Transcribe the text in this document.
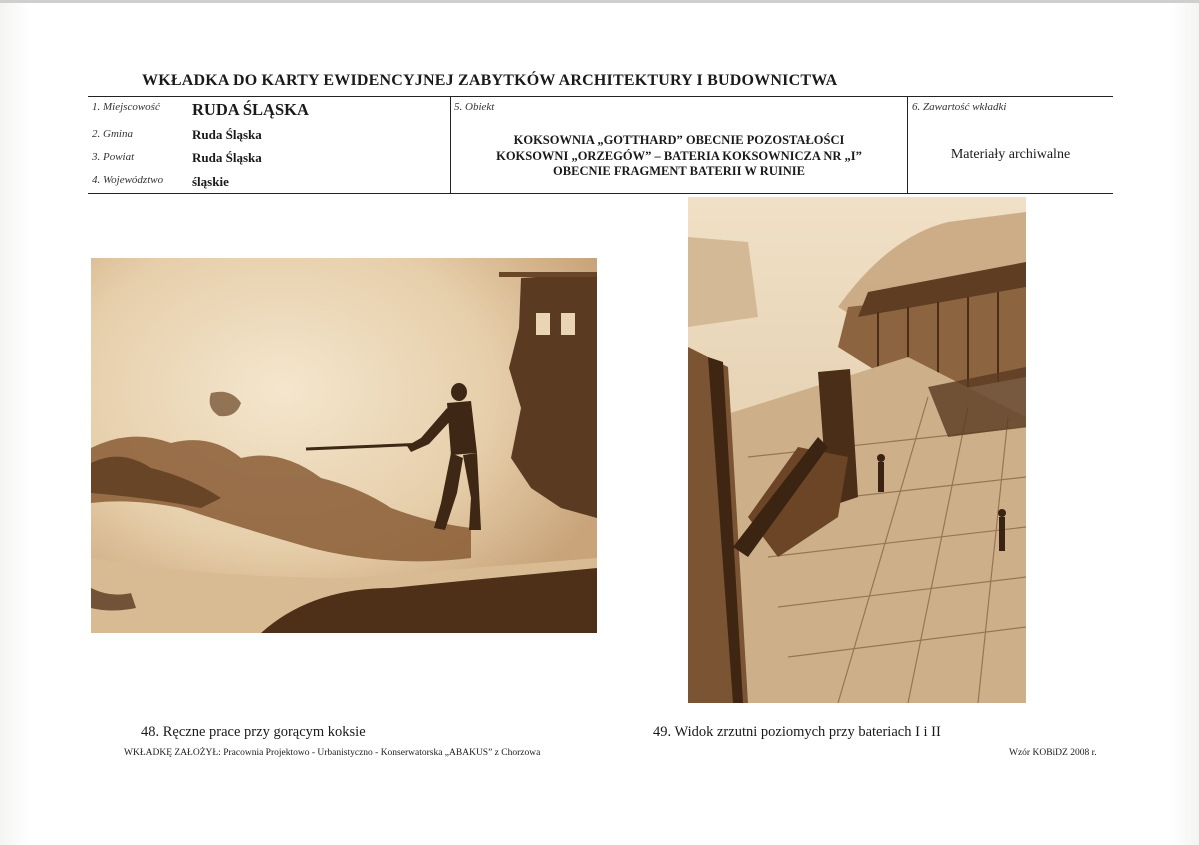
WKŁADKA DO KARTY EWIDENCYJNEJ ZABYTKÓW ARCHITEKTURY I BUDOWNICTWA
1. Miejscowość RUDA ŚLĄSKA
2. Gmina	Ruda Śląska
3. Powiat	Ruda Śląska
4. Województwo śląskie
5. Obiekt
KOKSOWNIA „GOTTHARD” OBECNIE POZOSTAŁOŚCI
KOKSOWNI „ORZEGÓW” – BATERIA KOKSOWNICZA NR „I”
OBECNIE FRAGMENT BATERII W RUINIE
6. Zawartość wkładki
Materiały archiwalne
48. Ręczne prace przy gorącym koksie	49. Widok zrzutni poziomych przy bateriach I i II
WKŁADKĘ ZAŁOŻYŁ: Pracownia Projektowo - Urbanistyczno - Konserwatorska „ABAKUS” z Chorzowa	Wzór KOBiDZ 2008 r.
